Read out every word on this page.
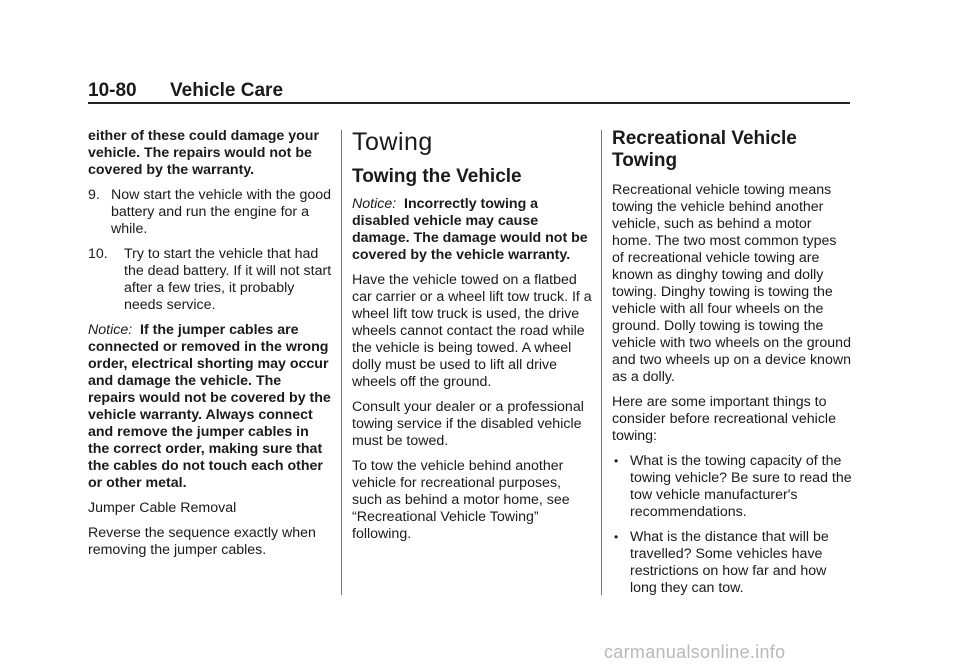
10-80 Vehicle Care

either of these could damage your vehicle. The repairs would not be covered by the warranty.

9. Now start the vehicle with the good battery and run the engine for a while.
10. Try to start the vehicle that had the dead battery. If it will not start after a few tries, it probably needs service.

Notice: If the jumper cables are connected or removed in the wrong order, electrical shorting may occur and damage the vehicle. The repairs would not be covered by the vehicle warranty. Always connect and remove the jumper cables in the correct order, making sure that the cables do not touch each other or other metal.

Jumper Cable Removal

Reverse the sequence exactly when removing the jumper cables.

Towing
Towing the Vehicle

Notice: Incorrectly towing a disabled vehicle may cause damage. The damage would not be covered by the vehicle warranty.

Have the vehicle towed on a flatbed car carrier or a wheel lift tow truck. If a wheel lift tow truck is used, the drive wheels cannot contact the road while the vehicle is being towed. A wheel dolly must be used to lift all drive wheels off the ground.

Consult your dealer or a professional towing service if the disabled vehicle must be towed.

To tow the vehicle behind another vehicle for recreational purposes, such as behind a motor home, see “Recreational Vehicle Towing” following.

Recreational Vehicle Towing

Recreational vehicle towing means towing the vehicle behind another vehicle, such as behind a motor home. The two most common types of recreational vehicle towing are known as dinghy towing and dolly towing. Dinghy towing is towing the vehicle with all four wheels on the ground. Dolly towing is towing the vehicle with two wheels on the ground and two wheels up on a device known as a dolly.

Here are some important things to consider before recreational vehicle towing:

• What is the towing capacity of the towing vehicle? Be sure to read the tow vehicle manufacturer's recommendations.
• What is the distance that will be travelled? Some vehicles have restrictions on how far and how long they can tow.
carmanualsonline.info
